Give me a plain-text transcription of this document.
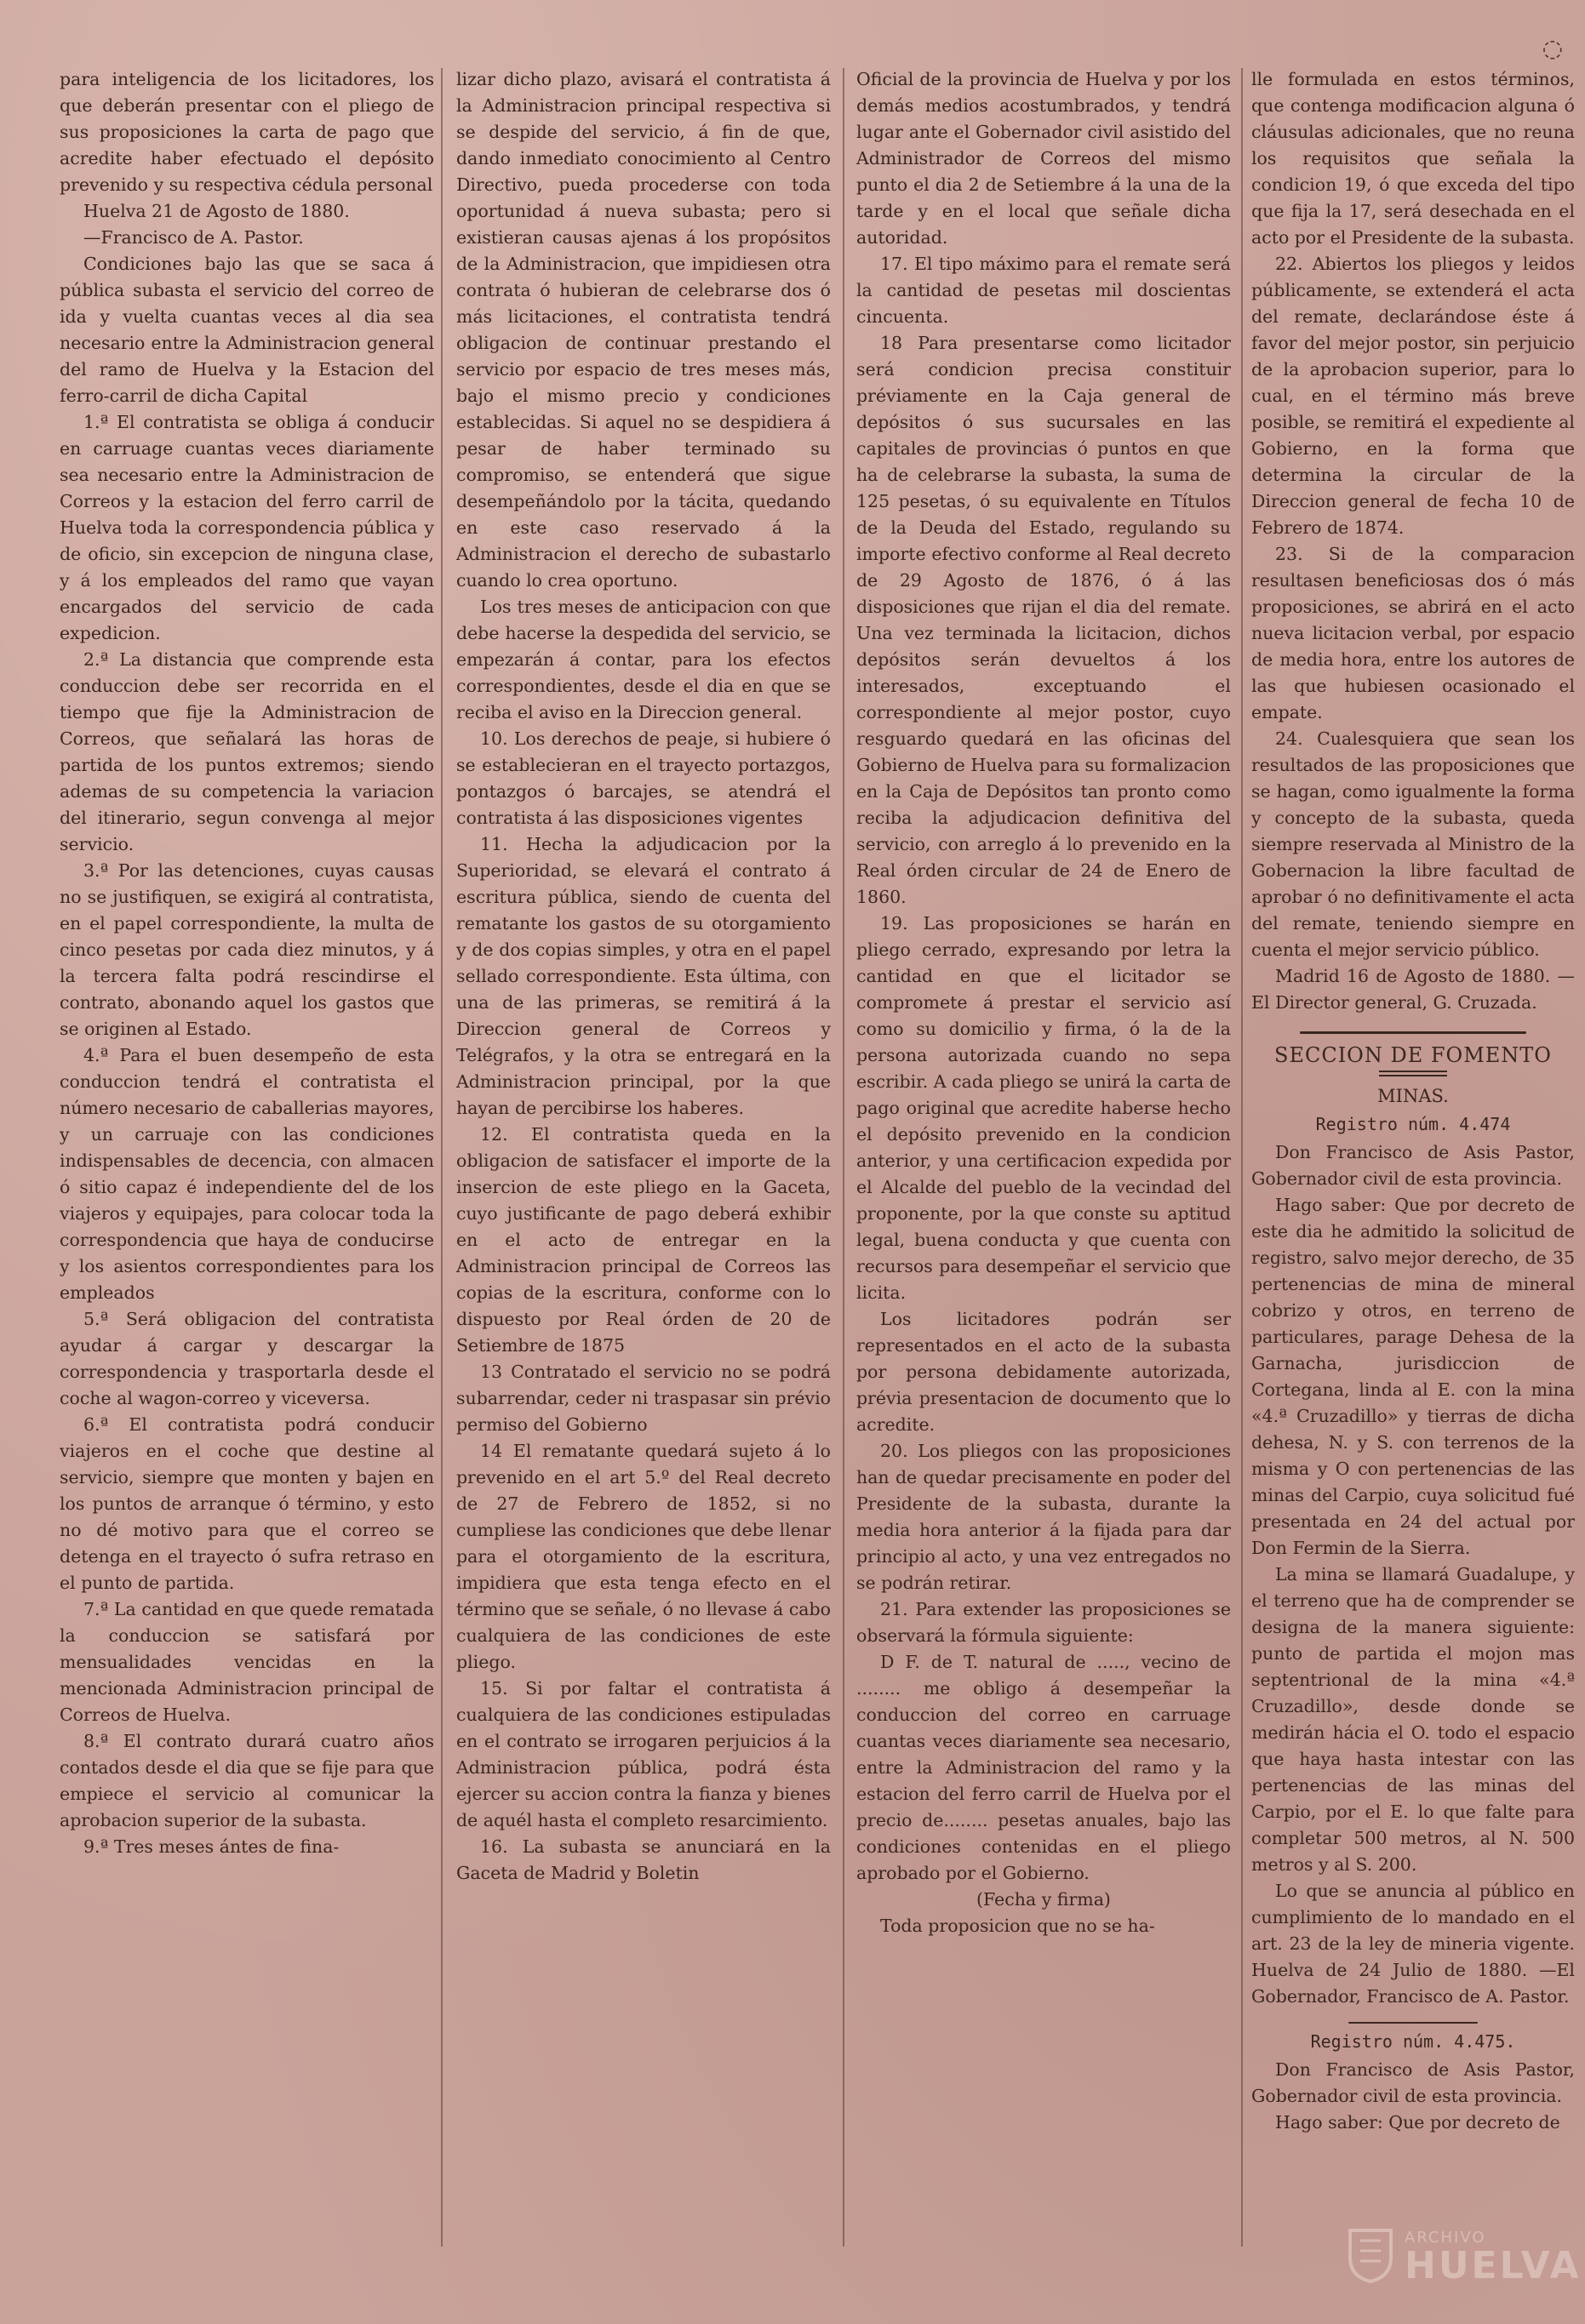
◌

para inteligencia de los licitadores, los que deberán presentar con el pliego de sus proposiciones la carta de pago que acredite haber efectuado el depósito prevenido y su respectiva cédula personal

Huelva 21 de Agosto de 1880.

—Francisco de A. Pastor.

Condiciones bajo las que se saca á pública subasta el servicio del correo de ida y vuelta cuantas veces al dia sea necesario entre la Administracion general del ramo de Huelva y la Estacion del ferro-carril de dicha Capital

1.ª El contratista se obliga á conducir en carruage cuantas veces diariamente sea necesario entre la Administracion de Correos y la estacion del ferro carril de Huelva toda la correspondencia pública y de oficio, sin excepcion de ninguna clase, y á los empleados del ramo que vayan encargados del servicio de cada expedicion.

2.ª La distancia que comprende esta conduccion debe ser recorrida en el tiempo que fije la Administracion de Correos, que señalará las horas de partida de los puntos extremos; siendo ademas de su competencia la variacion del itinerario, segun convenga al mejor servicio.

3.ª Por las detenciones, cuyas causas no se justifiquen, se exigirá al contratista, en el papel correspondiente, la multa de cinco pesetas por cada diez minutos, y á la tercera falta podrá rescindirse el contrato, abonando aquel los gastos que se originen al Estado.

4.ª Para el buen desempeño de esta conduccion tendrá el contratista el número necesario de caballerias mayores, y un carruaje con las condiciones indispensables de decencia, con almacen ó sitio capaz é independiente del de los viajeros y equipajes, para colocar toda la correspondencia que haya de conducirse y los asientos correspondientes para los empleados

5.ª Será obligacion del contratista ayudar á cargar y descargar la correspondencia y trasportarla desde el coche al wagon-correo y viceversa.

6.ª El contratista podrá conducir viajeros en el coche que destine al servicio, siempre que monten y bajen en los puntos de arranque ó término, y esto no dé motivo para que el correo se detenga en el trayecto ó sufra retraso en el punto de partida.

7.ª La cantidad en que quede rematada la conduccion se satisfará por mensualidades vencidas en la mencionada Administracion principal de Correos de Huelva.

8.ª El contrato durará cuatro años contados desde el dia que se fije para que empiece el servicio al comunicar la aprobacion superior de la subasta.

9.ª Tres meses ántes de fina-

lizar dicho plazo, avisará el contratista á la Administracion principal respectiva si se despide del servicio, á fin de que, dando inmediato conocimiento al Centro Directivo, pueda procederse con toda oportunidad á nueva subasta; pero si existieran causas ajenas á los propósitos de la Administracion, que impidiesen otra contrata ó hubieran de celebrarse dos ó más licitaciones, el contratista tendrá obligacion de continuar prestando el servicio por espacio de tres meses más, bajo el mismo precio y condiciones establecidas. Si aquel no se despidiera á pesar de haber terminado su compromiso, se entenderá que sigue desempeñándolo por la tácita, quedando en este caso reservado á la Administracion el derecho de subastarlo cuando lo crea oportuno.

Los tres meses de anticipacion con que debe hacerse la despedida del servicio, se empezarán á contar, para los efectos correspondientes, desde el dia en que se reciba el aviso en la Direccion general.

10. Los derechos de peaje, si hubiere ó se establecieran en el trayecto portazgos, pontazgos ó barcajes, se atendrá el contratista á las disposiciones vigentes

11. Hecha la adjudicacion por la Superioridad, se elevará el contrato á escritura pública, siendo de cuenta del rematante los gastos de su otorgamiento y de dos copias simples, y otra en el papel sellado correspondiente. Esta última, con una de las primeras, se remitirá á la Direccion general de Correos y Telégrafos, y la otra se entregará en la Administracion principal, por la que hayan de percibirse los haberes.

12. El contratista queda en la obligacion de satisfacer el importe de la insercion de este pliego en la Gaceta, cuyo justificante de pago deberá exhibir en el acto de entregar en la Administracion principal de Correos las copias de la escritura, conforme con lo dispuesto por Real órden de 20 de Setiembre de 1875

13 Contratado el servicio no se podrá subarrendar, ceder ni traspasar sin prévio permiso del Gobierno

14 El rematante quedará sujeto á lo prevenido en el art 5.º del Real decreto de 27 de Febrero de 1852, si no cumpliese las condiciones que debe llenar para el otorgamiento de la escritura, impidiera que esta tenga efecto en el término que se señale, ó no llevase á cabo cualquiera de las condiciones de este pliego.

15. Si por faltar el contratista á cualquiera de las condiciones estipuladas en el contrato se irrogaren perjuicios á la Administracion pública, podrá ésta ejercer su accion contra la fianza y bienes de aquél hasta el completo resarcimiento.

16. La subasta se anunciará en la Gaceta de Madrid y Boletin

Oficial de la provincia de Huelva y por los demás medios acostumbrados, y tendrá lugar ante el Gobernador civil asistido del Administrador de Correos del mismo punto el dia 2 de Setiembre á la una de la tarde y en el local que señale dicha autoridad.

17. El tipo máximo para el remate será la cantidad de pesetas mil doscientas cincuenta.

18 Para presentarse como licitador será condicion precisa constituir préviamente en la Caja general de depósitos ó sus sucursales en las capitales de provincias ó puntos en que ha de celebrarse la subasta, la suma de 125 pesetas, ó su equivalente en Títulos de la Deuda del Estado, regulando su importe efectivo conforme al Real decreto de 29 Agosto de 1876, ó á las disposiciones que rijan el dia del remate. Una vez terminada la licitacion, dichos depósitos serán devueltos á los interesados, exceptuando el correspondiente al mejor postor, cuyo resguardo quedará en las oficinas del Gobierno de Huelva para su formalizacion en la Caja de Depósitos tan pronto como reciba la adjudicacion definitiva del servicio, con arreglo á lo prevenido en la Real órden circular de 24 de Enero de 1860.

19. Las proposiciones se harán en pliego cerrado, expresando por letra la cantidad en que el licitador se compromete á prestar el servicio así como su domicilio y firma, ó la de la persona autorizada cuando no sepa escribir. A cada pliego se unirá la carta de pago original que acredite haberse hecho el depósito prevenido en la condicion anterior, y una certificacion expedida por el Alcalde del pueblo de la vecindad del proponente, por la que conste su aptitud legal, buena conducta y que cuenta con recursos para desempeñar el servicio que licita.

Los licitadores podrán ser representados en el acto de la subasta por persona debidamente autorizada, prévia presentacion de documento que lo acredite.

20. Los pliegos con las proposiciones han de quedar precisamente en poder del Presidente de la subasta, durante la media hora anterior á la fijada para dar principio al acto, y una vez entregados no se podrán retirar.

21. Para extender las proposiciones se observará la fórmula siguiente:

D F. de T. natural de ....., vecino de ........ me obligo á desempeñar la conduccion del correo en carruage cuantas veces diariamente sea necesario, entre la Administracion del ramo y la estacion del ferro carril de Huelva por el precio de........ pesetas anuales, bajo las condiciones contenidas en el pliego aprobado por el Gobierno.

(Fecha y firma)

Toda proposicion que no se ha-

lle formulada en estos términos, que contenga modificacion alguna ó cláusulas adicionales, que no reuna los requisitos que señala la condicion 19, ó que exceda del tipo que fija la 17, será desechada en el acto por el Presidente de la subasta.

22. Abiertos los pliegos y leidos públicamente, se extenderá el acta del remate, declarándose éste á favor del mejor postor, sin perjuicio de la aprobacion superior, para lo cual, en el término más breve posible, se remitirá el expediente al Gobierno, en la forma que determina la circular de la Direccion general de fecha 10 de Febrero de 1874.

23. Si de la comparacion resultasen beneficiosas dos ó más proposiciones, se abrirá en el acto nueva licitacion verbal, por espacio de media hora, entre los autores de las que hubiesen ocasionado el empate.

24. Cualesquiera que sean los resultados de las proposiciones que se hagan, como igualmente la forma y concepto de la subasta, queda siempre reservada al Ministro de la Gobernacion la libre facultad de aprobar ó no definitivamente el acta del remate, teniendo siempre en cuenta el mejor servicio público.

Madrid 16 de Agosto de 1880. —El Director general, G. Cruzada.

SECCION DE FOMENTO
MINAS.
Registro núm. 4.474

Don Francisco de Asis Pastor, Gobernador civil de esta provincia.

Hago saber: Que por decreto de este dia he admitido la solicitud de registro, salvo mejor derecho, de 35 pertenencias de mina de mineral cobrizo y otros, en terreno de particulares, parage Dehesa de la Garnacha, jurisdiccion de Cortegana, linda al E. con la mina «4.ª Cruzadillo» y tierras de dicha dehesa, N. y S. con terrenos de la misma y O con pertenencias de las minas del Carpio, cuya solicitud fué presentada en 24 del actual por Don Fermin de la Sierra.

La mina se llamará Guadalupe, y el terreno que ha de comprender se designa de la manera siguiente: punto de partida el mojon mas septentrional de la mina «4.ª Cruzadillo», desde donde se medirán hácia el O. todo el espacio que haya hasta intestar con las pertenencias de las minas del Carpio, por el E. lo que falte para completar 500 metros, al N. 500 metros y al S. 200.

Lo que se anuncia al público en cumplimiento de lo mandado en el art. 23 de la ley de mineria vigente. Huelva de 24 Julio de 1880. —El Gobernador, Francisco de A. Pastor.

Registro núm. 4.475.

Don Francisco de Asis Pastor, Gobernador civil de esta provincia.

Hago saber: Que por decreto de

ARCHIVO
HUELVA
